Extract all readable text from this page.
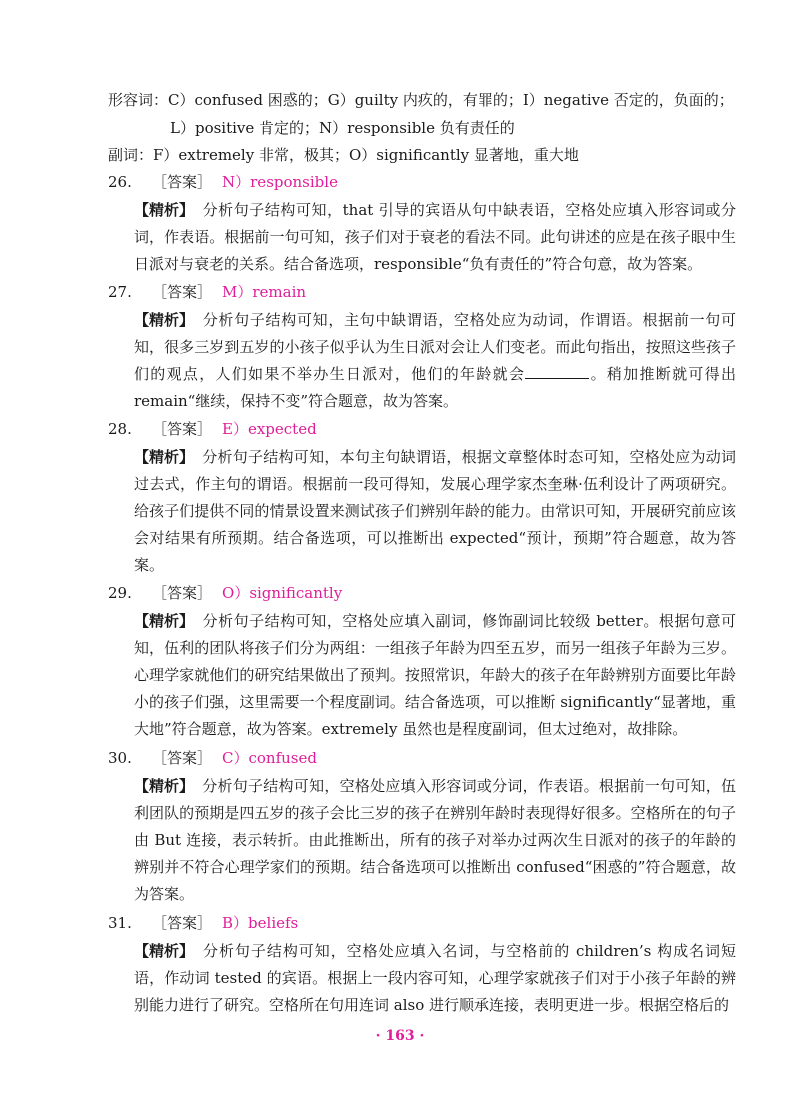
形容词：C）confused 困惑的；G）guilty 内疚的，有罪的；I）negative 否定的，负面的；
L）positive 肯定的；N）responsible 负有责任的
副词：F）extremely 非常，极其；O）significantly 显著地，重大地
26. ［答案］ N）responsible
【精析】 分析句子结构可知，that 引导的宾语从句中缺表语，空格处应填入形容词或分词，作表语。根据前一句可知，孩子们对于衰老的看法不同。此句讲述的应是在孩子眼中生日派对与衰老的关系。结合备选项，responsible“负有责任的”符合句意，故为答案。
27. ［答案］ M）remain
【精析】 分析句子结构可知，主句中缺谓语，空格处应为动词，作谓语。根据前一句可知，很多三岁到五岁的小孩子似乎认为生日派对会让人们变老。而此句指出，按照这些孩子们的观点，人们如果不举办生日派对，他们的年龄就会	。稍加推断就可得出 remain“继续，保持不变”符合题意，故为答案。
28. ［答案］ E）expected
【精析】 分析句子结构可知，本句主句缺谓语，根据文章整体时态可知，空格处应为动词过去式，作主句的谓语。根据前一段可得知，发展心理学家杰奎琳·伍利设计了两项研究。给孩子们提供不同的情景设置来测试孩子们辨别年龄的能力。由常识可知，开展研究前应该会对结果有所预期。结合备选项，可以推断出 expected“预计，预期”符合题意，故为答案。
29. ［答案］ O）significantly
【精析】 分析句子结构可知，空格处应填入副词，修饰副词比较级 better。根据句意可知，伍利的团队将孩子们分为两组：一组孩子年龄为四至五岁，而另一组孩子年龄为三岁。心理学家就他们的研究结果做出了预判。按照常识，年龄大的孩子在年龄辨别方面要比年龄小的孩子们强，这里需要一个程度副词。结合备选项，可以推断 significantly“显著地，重大地”符合题意，故为答案。extremely 虽然也是程度副词，但太过绝对，故排除。
30. ［答案］ C）confused
【精析】 分析句子结构可知，空格处应填入形容词或分词，作表语。根据前一句可知，伍利团队的预期是四五岁的孩子会比三岁的孩子在辨别年龄时表现得好很多。空格所在的句子由 But 连接，表示转折。由此推断出，所有的孩子对举办过两次生日派对的孩子的年龄的辨别并不符合心理学家们的预期。结合备选项可以推断出 confused“困惑的”符合题意，故为答案。
31. ［答案］ B）beliefs
【精析】 分析句子结构可知，空格处应填入名词，与空格前的 children’s 构成名词短语，作动词 tested 的宾语。根据上一段内容可知，心理学家就孩子们对于小孩子年龄的辨别能力进行了研究。空格所在句用连词 also 进行顺承连接，表明更进一步。根据空格后的
· 163 ·
